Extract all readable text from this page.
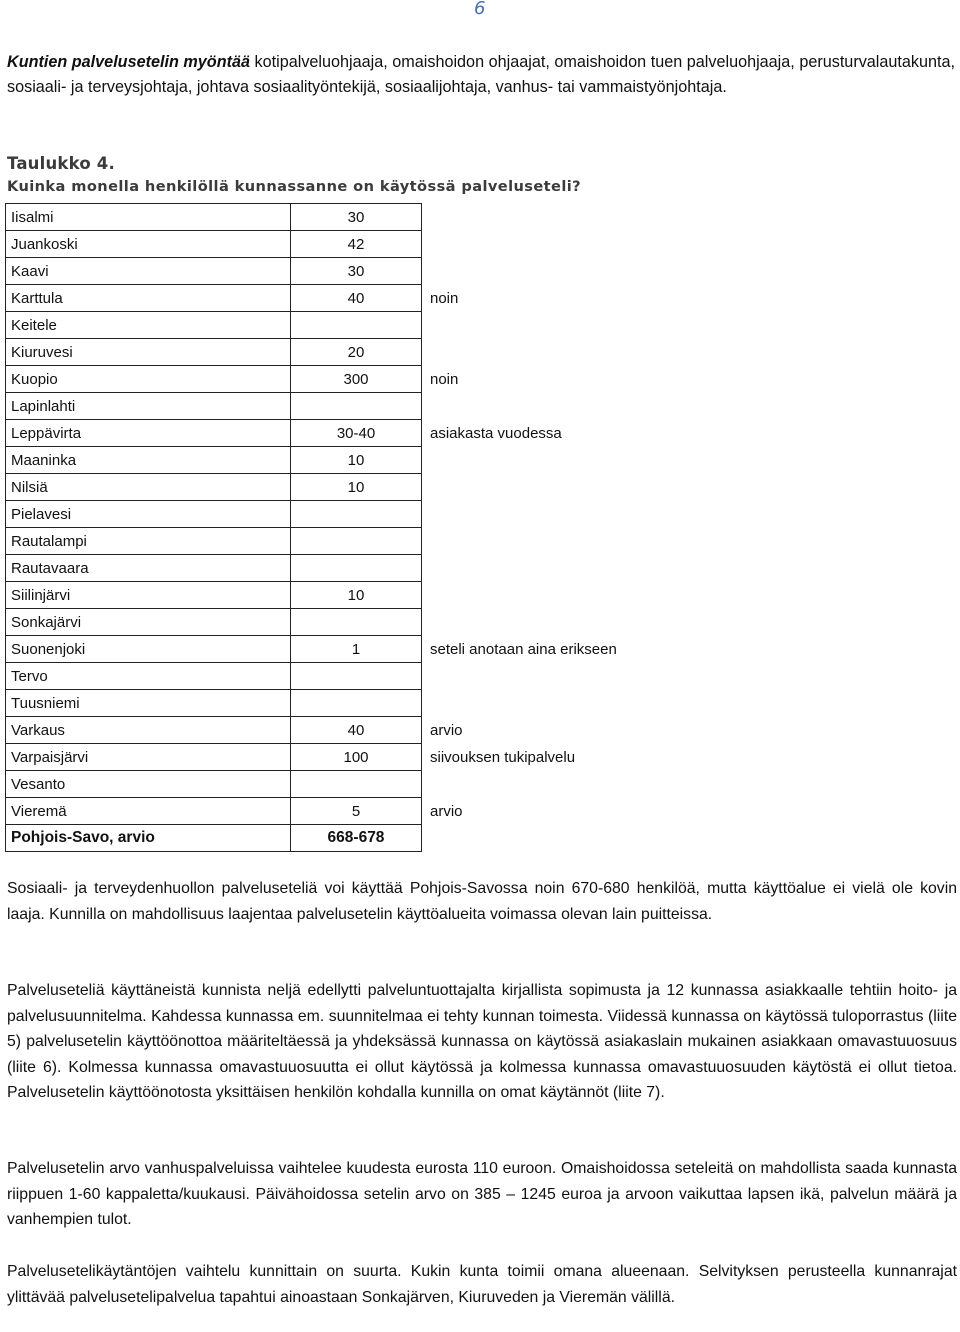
6
Kuntien palvelusetelin myöntää kotipalveluohjaaja, omaishoidon ohjaajat, omaishoidon tuen palveluohjaaja, perusturvalautakunta, sosiaali- ja terveysjohtaja, johtava sosiaalityöntekijä, sosiaalijohtaja, vanhus- tai vammaistyönjohtaja.
Taulukko 4.
Kuinka monella henkilöllä kunnassanne on käytössä palveluseteli?
Iisalmi	30	
Juankoski	42	
Kaavi	30	
Karttula	40	noin
Keitele		
Kiuruvesi	20	
Kuopio	300	noin
Lapinlahti		
Leppävirta	30-40	asiakasta vuodessa
Maaninka	10	
Nilsiä	10	
Pielavesi		
Rautalampi		
Rautavaara		
Siilinjärvi	10	
Sonkajärvi		
Suonenjoki	1	seteli anotaan aina erikseen
Tervo		
Tuusniemi		
Varkaus	40	arvio
Varpaisjärvi	100	siivouksen tukipalvelu
Vesanto		
Vieremä	5	arvio
Pohjois-Savo, arvio	668-678	
Sosiaali- ja terveydenhuollon palveluseteliä voi käyttää Pohjois-Savossa noin 670-680 henkilöä, mutta käyttöalue ei vielä ole kovin laaja. Kunnilla on mahdollisuus laajentaa palvelusetelin käyttöalueita voimassa olevan lain puitteissa.
Palveluseteliä käyttäneistä kunnista neljä edellytti palveluntuottajalta kirjallista sopimusta ja 12 kunnassa asiakkaalle tehtiin hoito- ja palvelusuunnitelma. Kahdessa kunnassa em. suunnitelmaa ei tehty kunnan toimesta. Viidessä kunnassa on käytössä tuloporrastus (liite 5) palvelusetelin käyttöönottoa määriteltäessä ja yhdeksässä kunnassa on käytössä asiakaslain mukainen asiakkaan omavastuuosuus (liite 6). Kolmessa kunnassa omavastuuosuutta ei ollut käytössä ja kolmessa kunnassa omavastuuosuuden käytöstä ei ollut tietoa. Palvelusetelin käyttöönotosta yksittäisen henkilön kohdalla kunnilla on omat käytännöt (liite 7).
Palvelusetelin arvo vanhuspalveluissa vaihtelee kuudesta eurosta 110 euroon. Omaishoidossa seteleitä on mahdollista saada kunnasta riippuen 1-60 kappaletta/kuukausi. Päivähoidossa setelin arvo on 385 – 1245 euroa ja arvoon vaikuttaa lapsen ikä, palvelun määrä ja vanhempien tulot.
Palvelusetelikäytäntöjen vaihtelu kunnittain on suurta. Kukin kunta toimii omana alueenaan. Selvityksen perusteella kunnanrajat ylittävää palvelusetelipalvelua tapahtui ainoastaan Sonkajärven, Kiuruveden ja Vieremän välillä.
